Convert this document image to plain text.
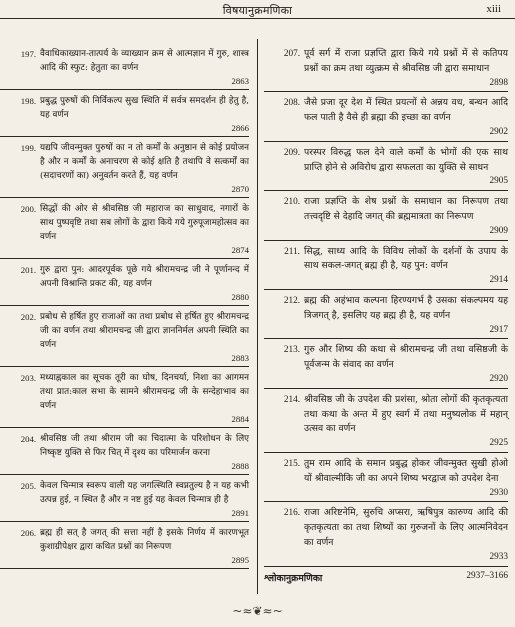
विषयानुक्रमणिका	xiii
197. वैवाधिकाख्यान-तात्पर्य के व्याख्यान क्रम से आत्मज्ञान में गुरु, शास्त्र आदि की स्फुट: हेतुता का वर्णन
2863
198. प्रबुद्ध पुरुषों की निर्विकल्प सुख स्थिति में सर्वत्र समदर्शन ही हेतु है, यह वर्णन
2866
199. यद्यपि जीवन्मुक्त पुरुषों का न तो कर्मों के अनुष्ठान से कोई प्रयोजन है और न कर्मों के अनाचरण से कोई क्षति है तथापि वे सत्कर्मों का (सदाचरणों का) अनुवर्तन करते हैं, यह वर्णन
2870
200. सिद्धों की ओर से श्रीवसिष्ठ जी महाराज का साधुवाद, नगारों के साथ पुष्पवृष्टि तथा सब लोगों के द्वारा किये गये गुरुपूजामहोत्सव का वर्णन
2874
201. गुरु द्वारा पुन: आदरपूर्वक पूछे गये श्रीरामचन्द्र जी ने पूर्णानन्द में अपनी विश्रान्ति प्रकट की, यह वर्णन
2880
202. प्रबोध से हर्षित हुए राजाओं का तथा प्रबोध से हर्षित हुए श्रीरामचन्द्र जी का वर्णन तथा श्रीरामचन्द्र जी द्वारा ज्ञाननिर्मल अपनी स्थिति का वर्णन
2883
203. मध्याह्नकाल का सूचक तूरी का घोष, दिनचर्या, निशा का आगमन तथा प्रात:काल सभा के सामने श्रीरामचन्द्र जी के सन्देहाभाव का वर्णन
2884
204. श्रीवसिष्ठ जी तथा श्रीराम जी का चिदात्मा के परिशोधन के लिए निष्कृष्ट युक्ति से फिर चित् में दृश्य का परिमार्जन करना
2888
205. केवल चिन्मात्र स्वरूप वाली यह जगत्स्थिति स्वप्नतुल्य है न यह कभी उत्पन्न हुई, न स्थित है और न नष्ट हुई यह केवल चिन्मात्र ही है
2891
206. ब्रह्म ही सत् है जगत् की सत्ता नहीं है इसके निर्णय में कारणभूत कुशाग्रीपेक्षर द्वारा कथित प्रश्नों का निरूपण
2895
207. पूर्व सर्ग में राजा प्रज्ञप्ति द्वारा किये गये प्रश्नों में से कतिपय प्रश्नों का क्रम तथा व्युत्क्रम से श्रीवसिष्ठ जी द्वारा समाधान
2898
208. जैसे प्रजा दूर देश में स्थित प्रयत्नों से अन्नय वध, बन्धन आदि फल पाती है वैसे ही ब्रह्मा की इच्छा का वर्णन
2902
209. परस्पर विरुद्ध फल देने वाले कर्मों के भोगों की एक साथ प्राप्ति होने से अविरोध द्वारा सफलता का युक्ति से साधन
2905
210. राजा प्रज्ञप्ति के शेष प्रश्नों के समाधान का निरूपण तथा तत्त्वदृष्टि से देहादि जगत् की ब्रह्ममात्रता का निरूपण
2909
211. सिद्ध, साध्य आदि के विविध लोकों के दर्शनों के उपाय के साथ सकल-जगत् ब्रह्म ही है, यह पुन: वर्णन
2914
212. ब्रह्म की अहंभाव कल्पना हिरण्यगर्भ है उसका संकल्पमय यह त्रिजगत् है, इसलिए यह ब्रह्म ही है, यह वर्णन
2917
213. गुरु और शिष्य की कथा से श्रीरामचन्द्र जी तथा वसिष्ठजी के पूर्वजन्म के संवाद का वर्णन
2920
214. श्रीवसिष्ठ जी के उपदेश की प्रशंसा, श्रोता लोगों की कृतकृत्यता तथा कथा के अन्त में हुए स्वर्ग में तथा मनुष्यलोक में महान् उत्सव का वर्णन
2925
215. तुम राम आदि के समान प्रबुद्ध होकर जीवन्मुक्त सुखी होओ यों श्रीवाल्मीकि जी का अपने शिष्य भरद्वाज को उपदेश देना
2930
216. राजा अरिष्टनेमि, सुरुचि अप्सरा, ऋषिपुत्र कारुण्य आदि की कृतकृत्यता का तथा शिष्यों का गुरुजनों के लिए आत्मनिवेदन का वर्णन
2933
श्लोकानुक्रमणिका	2937–3166
~≈❦≈~
